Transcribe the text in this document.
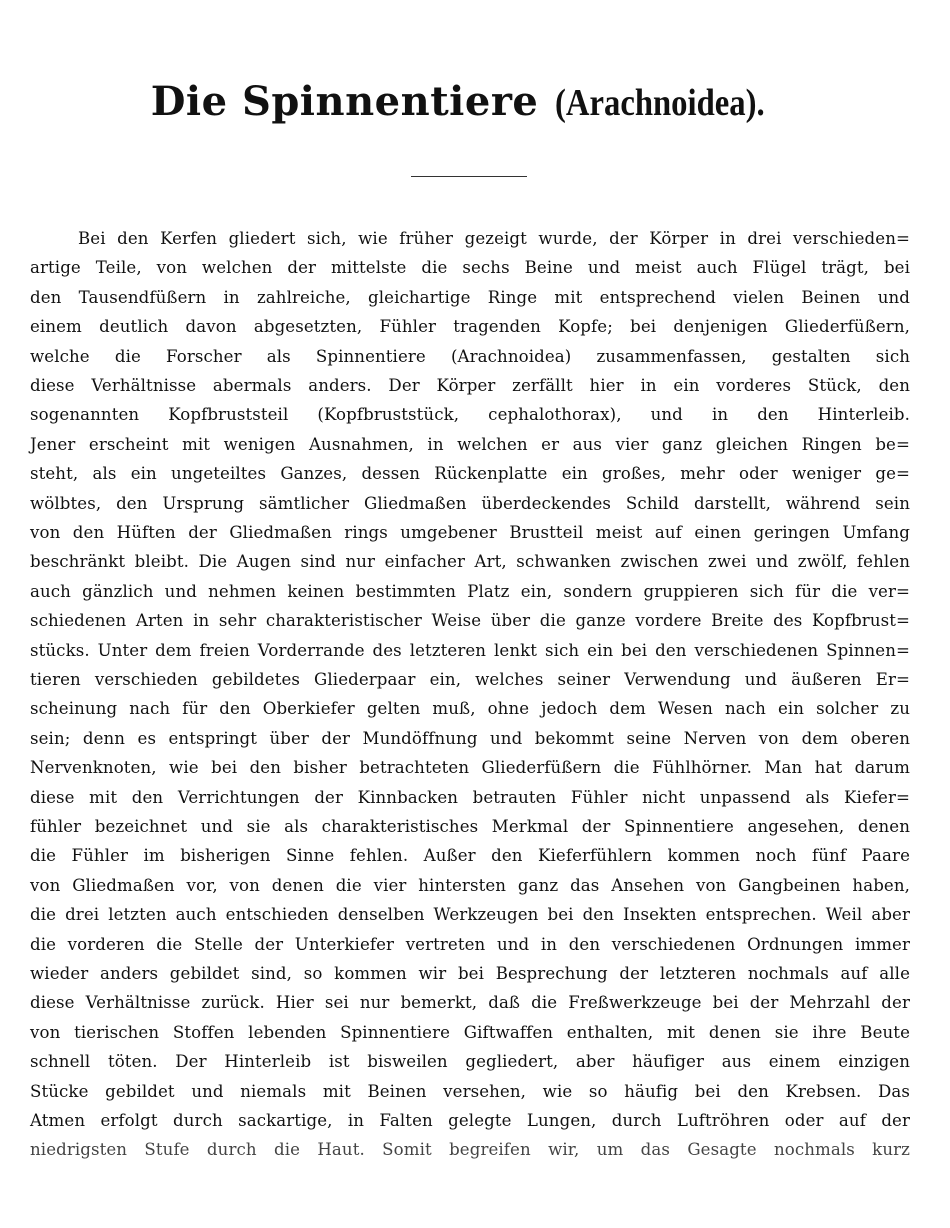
Die Spinnentiere (Arachnoidea).
Bei den Kerfen gliedert sich, wie früher gezeigt wurde, der Körper in drei verschieden=
artige Teile, von welchen der mittelste die sechs Beine und meist auch Flügel trägt, bei
den Tausendfüßern in zahlreiche, gleichartige Ringe mit entsprechend vielen Beinen und
einem deutlich davon abgesetzten, Fühler tragenden Kopfe; bei denjenigen Gliederfüßern,
welche die Forscher als Spinnentiere (Arachnoidea) zusammenfassen, gestalten sich
diese Verhältnisse abermals anders. Der Körper zerfällt hier in ein vorderes Stück, den
sogenannten Kopfbruststeil (Kopfbruststück, cephalothorax), und in den Hinterleib.
Jener erscheint mit wenigen Ausnahmen, in welchen er aus vier ganz gleichen Ringen be=
steht, als ein ungeteiltes Ganzes, dessen Rückenplatte ein großes, mehr oder weniger ge=
wölbtes, den Ursprung sämtlicher Gliedmaßen überdeckendes Schild darstellt, während sein
von den Hüften der Gliedmaßen rings umgebener Brustteil meist auf einen geringen Umfang
beschränkt bleibt. Die Augen sind nur einfacher Art, schwanken zwischen zwei und zwölf, fehlen
auch gänzlich und nehmen keinen bestimmten Platz ein, sondern gruppieren sich für die ver=
schiedenen Arten in sehr charakteristischer Weise über die ganze vordere Breite des Kopfbrust=
stücks. Unter dem freien Vorderrande des letzteren lenkt sich ein bei den verschiedenen Spinnen=
tieren verschieden gebildetes Gliederpaar ein, welches seiner Verwendung und äußeren Er=
scheinung nach für den Oberkiefer gelten muß, ohne jedoch dem Wesen nach ein solcher zu
sein; denn es entspringt über der Mundöffnung und bekommt seine Nerven von dem oberen
Nervenknoten, wie bei den bisher betrachteten Gliederfüßern die Fühlhörner. Man hat darum
diese mit den Verrichtungen der Kinnbacken betrauten Fühler nicht unpassend als Kiefer=
fühler bezeichnet und sie als charakteristisches Merkmal der Spinnentiere angesehen, denen
die Fühler im bisherigen Sinne fehlen. Außer den Kieferfühlern kommen noch fünf Paare
von Gliedmaßen vor, von denen die vier hintersten ganz das Ansehen von Gangbeinen haben,
die drei letzten auch entschieden denselben Werkzeugen bei den Insekten entsprechen. Weil aber
die vorderen die Stelle der Unterkiefer vertreten und in den verschiedenen Ordnungen immer
wieder anders gebildet sind, so kommen wir bei Besprechung der letzteren nochmals auf alle
diese Verhältnisse zurück. Hier sei nur bemerkt, daß die Freßwerkzeuge bei der Mehrzahl der
von tierischen Stoffen lebenden Spinnentiere Giftwaffen enthalten, mit denen sie ihre Beute
schnell töten. Der Hinterleib ist bisweilen gegliedert, aber häufiger aus einem einzigen
Stücke gebildet und niemals mit Beinen versehen, wie so häufig bei den Krebsen. Das
Atmen erfolgt durch sackartige, in Falten gelegte Lungen, durch Luftröhren oder auf der
niedrigsten Stufe durch die Haut. Somit begreifen wir, um das Gesagte nochmals kurz
